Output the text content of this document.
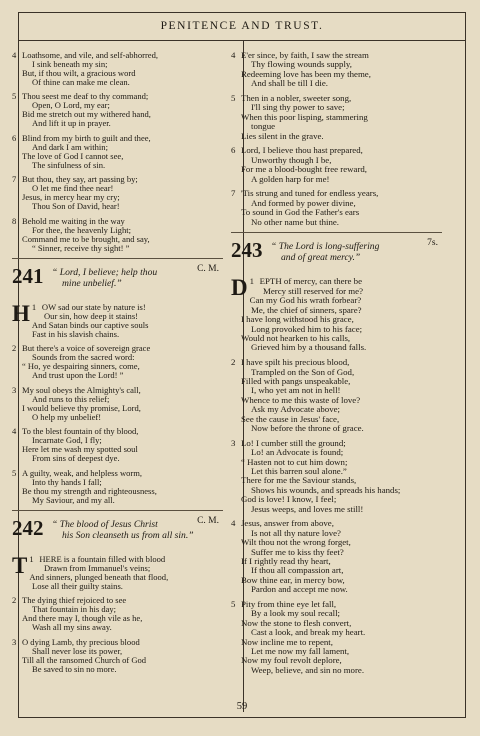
PENITENCE AND TRUST.
59
4 Loathsome, and vile, and self-abhorred,
I sink beneath my sin;
But, if thou wilt, a gracious word
Of thine can make me clean.
5 Thou seest me deaf to thy command;
Open, O Lord, my ear;
Bid me stretch out my withered hand,
And lift it up in prayer.
6 Blind from my birth to guilt and thee,
And dark I am within;
The love of God I cannot see,
The sinfulness of sin.
7 But thou, they say, art passing by;
O let me find thee near!
Jesus, in mercy hear my cry;
Thou Son of David, hear!
8 Behold me waiting in the way
For thee, the heavenly Light;
Command me to be brought, and say,
“ Sinner, receive thy sight! ”
241 “ Lord, I believe; help thou
mine unbelief.”
C. M.
1
H OW sad our state by nature is!
Our sin, how deep it stains!
And Satan binds our captive souls
Fast in his slavish chains.
2 But there's a voice of sovereign grace
Sounds from the sacred word:
“ Ho, ye despairing sinners, come,
And trust upon the Lord! ”
3 My soul obeys the Almighty's call,
And runs to this relief;
I would believe thy promise, Lord,
O help my unbelief!
4 To the blest fountain of thy blood,
Incarnate God, I fly;
Here let me wash my spotted soul
From sins of deepest dye.
5 A guilty, weak, and helpless worm,
Into thy hands I fall;
Be thou my strength and righteousness,
My Saviour, and my all.
242 “ The blood of Jesus Christ
his Son cleanseth us from all sin.”
C. M.
1
T HERE is a fountain filled with blood
Drawn from Immanuel's veins;
And sinners, plunged beneath that flood,
Lose all their guilty stains.
2 The dying thief rejoiced to see
That fountain in his day;
And there may I, though vile as he,
Wash all my sins away.
3 O dying Lamb, thy precious blood
Shall never lose its power,
Till all the ransomed Church of God
Be saved to sin no more.
4 E'er since, by faith, I saw the stream
Thy flowing wounds supply,
Redeeming love has been my theme,
And shall be till I die.
5 Then in a nobler, sweeter song,
I'll sing thy power to save;
When this poor lisping, stammering
tongue
Lies silent in the grave.
6 Lord, I believe thou hast prepared,
Unworthy though I be,
For me a blood-bought free reward,
A golden harp for me!
7 'Tis strung and tuned for endless years,
And formed by power divine,
To sound in God the Father's ears
No other name but thine.
243 “ The Lord is long-suffering
and of great mercy.”
7s.
1
D EPTH of mercy, can there be
Mercy still reserved for me?
Can my God his wrath forbear?
Me, the chief of sinners, spare?
I have long withstood his grace,
Long provoked him to his face;
Would not hearken to his calls,
Grieved him by a thousand falls.
2 I have spilt his precious blood,
Trampled on the Son of God,
Filled with pangs unspeakable,
I, who yet am not in hell!
Whence to me this waste of love?
Ask my Advocate above;
See the cause in Jesus' face,
Now before the throne of grace.
3 Lo! I cumber still the ground;
Lo! an Advocate is found;
“ Hasten not to cut him down;
Let this barren soul alone.”
There for me the Saviour stands,
Shows his wounds, and spreads his hands;
God is love! I know, I feel;
Jesus weeps, and loves me still!
4 Jesus, answer from above,
Is not all thy nature love?
Wilt thou not the wrong forget,
Suffer me to kiss thy feet?
If I rightly read thy heart,
If thou all compassion art,
Bow thine ear, in mercy bow,
Pardon and accept me now.
5 Pity from thine eye let fall,
By a look my soul recall;
Now the stone to flesh convert,
Cast a look, and break my heart.
Now incline me to repent,
Let me now my fall lament,
Now my foul revolt deplore,
Weep, believe, and sin no more.
